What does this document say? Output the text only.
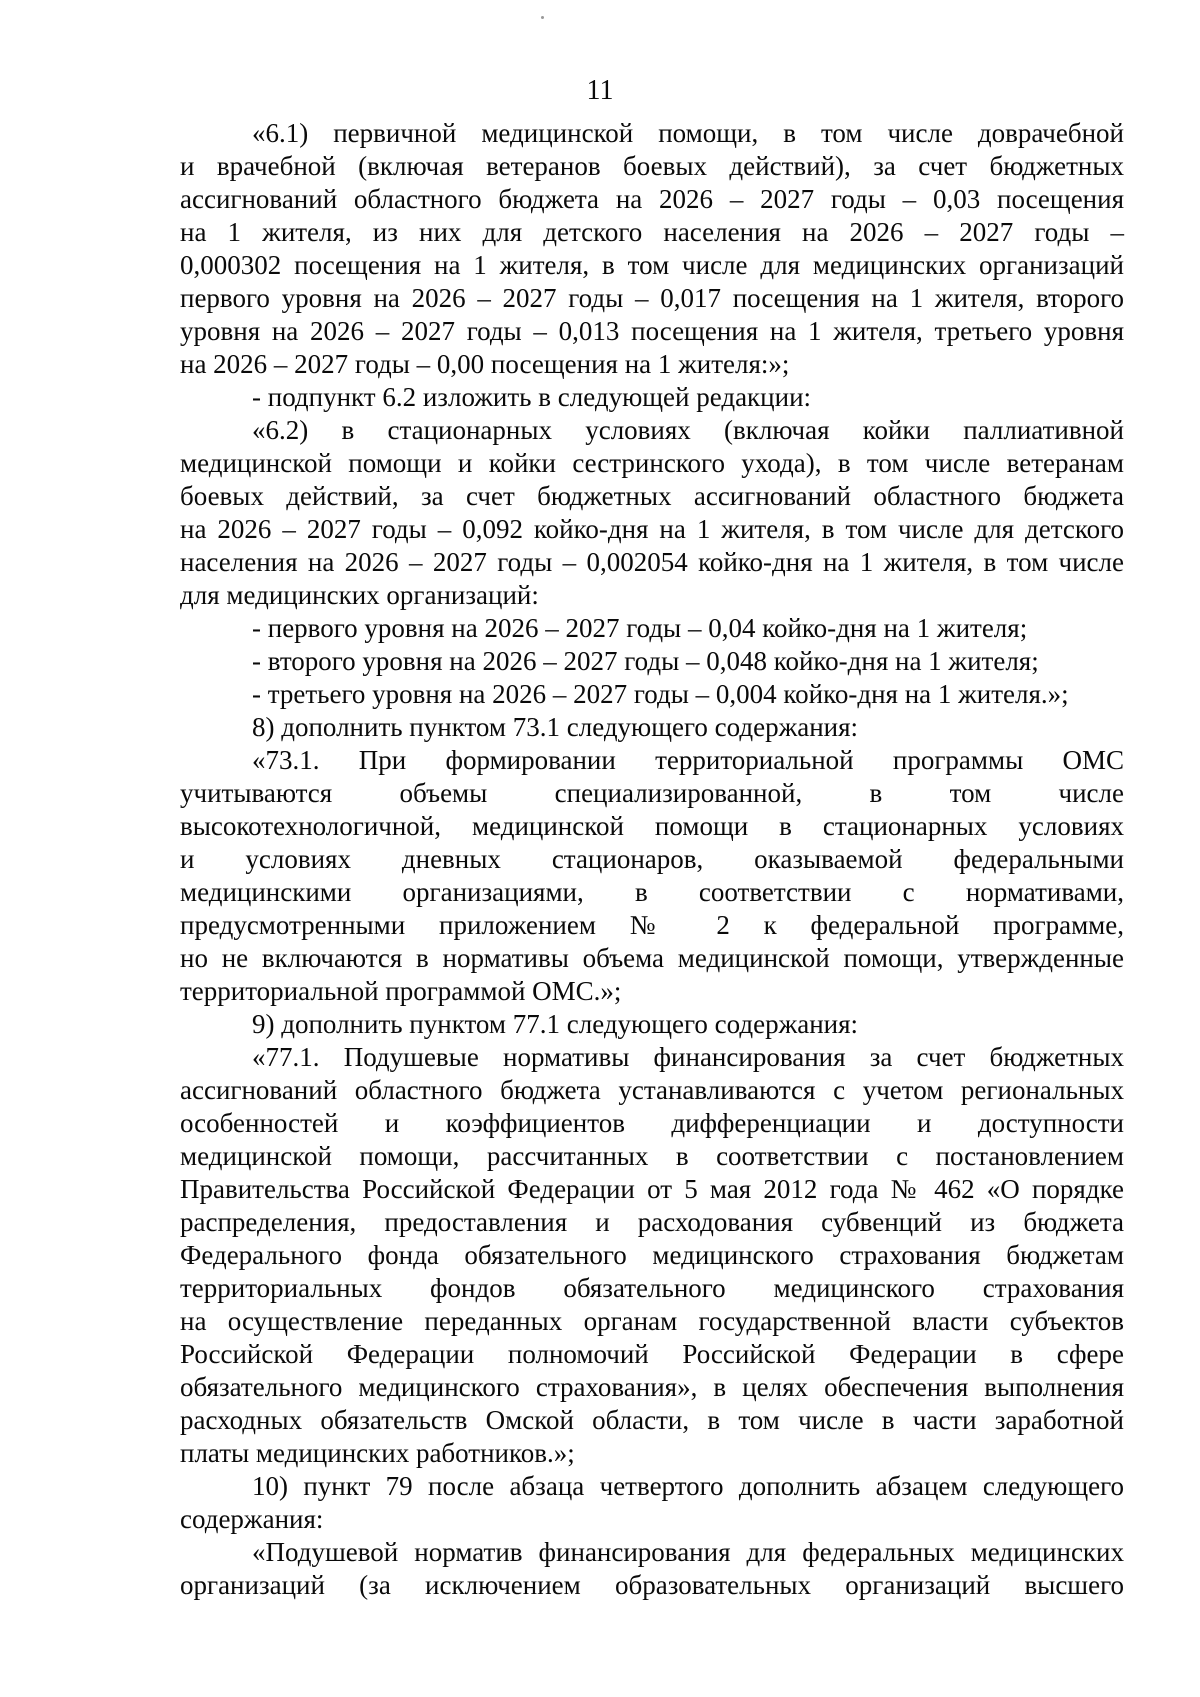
11
«6.1) первичной медицинской помощи, в том числе доврачебной
и врачебной (включая ветеранов боевых действий), за счет бюджетных
ассигнований областного бюджета на 2026 – 2027 годы – 0,03 посещения
на 1 жителя, из них для детского населения на 2026 – 2027 годы –
0,000302 посещения на 1 жителя, в том числе для медицинских организаций
первого уровня на 2026 – 2027 годы – 0,017 посещения на 1 жителя, второго
уровня на 2026 – 2027 годы – 0,013 посещения на 1 жителя, третьего уровня
на 2026 – 2027 годы – 0,00 посещения на 1 жителя:»;
- подпункт 6.2 изложить в следующей редакции:
«6.2) в стационарных условиях (включая койки паллиативной
медицинской помощи и койки сестринского ухода), в том числе ветеранам
боевых действий, за счет бюджетных ассигнований областного бюджета
на 2026 – 2027 годы – 0,092 койко-дня на 1 жителя, в том числе для детского
населения на 2026 – 2027 годы – 0,002054 койко-дня на 1 жителя, в том числе
для медицинских организаций:
- первого уровня на 2026 – 2027 годы – 0,04 койко-дня на 1 жителя;
- второго уровня на 2026 – 2027 годы – 0,048 койко-дня на 1 жителя;
- третьего уровня на 2026 – 2027 годы – 0,004 койко-дня на 1 жителя.»;
8) дополнить пунктом 73.1 следующего содержания:
«73.1. При формировании территориальной программы ОМС
учитываются объемы специализированной, в том числе
высокотехнологичной, медицинской помощи в стационарных условиях
и условиях дневных стационаров, оказываемой федеральными
медицинскими организациями, в соответствии с нормативами,
предусмотренными приложением № 2 к федеральной программе,
но не включаются в нормативы объема медицинской помощи, утвержденные
территориальной программой ОМС.»;
9) дополнить пунктом 77.1 следующего содержания:
«77.1. Подушевые нормативы финансирования за счет бюджетных
ассигнований областного бюджета устанавливаются с учетом региональных
особенностей и коэффициентов дифференциации и доступности
медицинской помощи, рассчитанных в соответствии с постановлением
Правительства Российской Федерации от 5 мая 2012 года № 462 «О порядке
распределения, предоставления и расходования субвенций из бюджета
Федерального фонда обязательного медицинского страхования бюджетам
территориальных фондов обязательного медицинского страхования
на осуществление переданных органам государственной власти субъектов
Российской Федерации полномочий Российской Федерации в сфере
обязательного медицинского страхования», в целях обеспечения выполнения
расходных обязательств Омской области, в том числе в части заработной
платы медицинских работников.»;
10) пункт 79 после абзаца четвертого дополнить абзацем следующего
содержания:
«Подушевой норматив финансирования для федеральных медицинских
организаций (за исключением образовательных организаций высшего
